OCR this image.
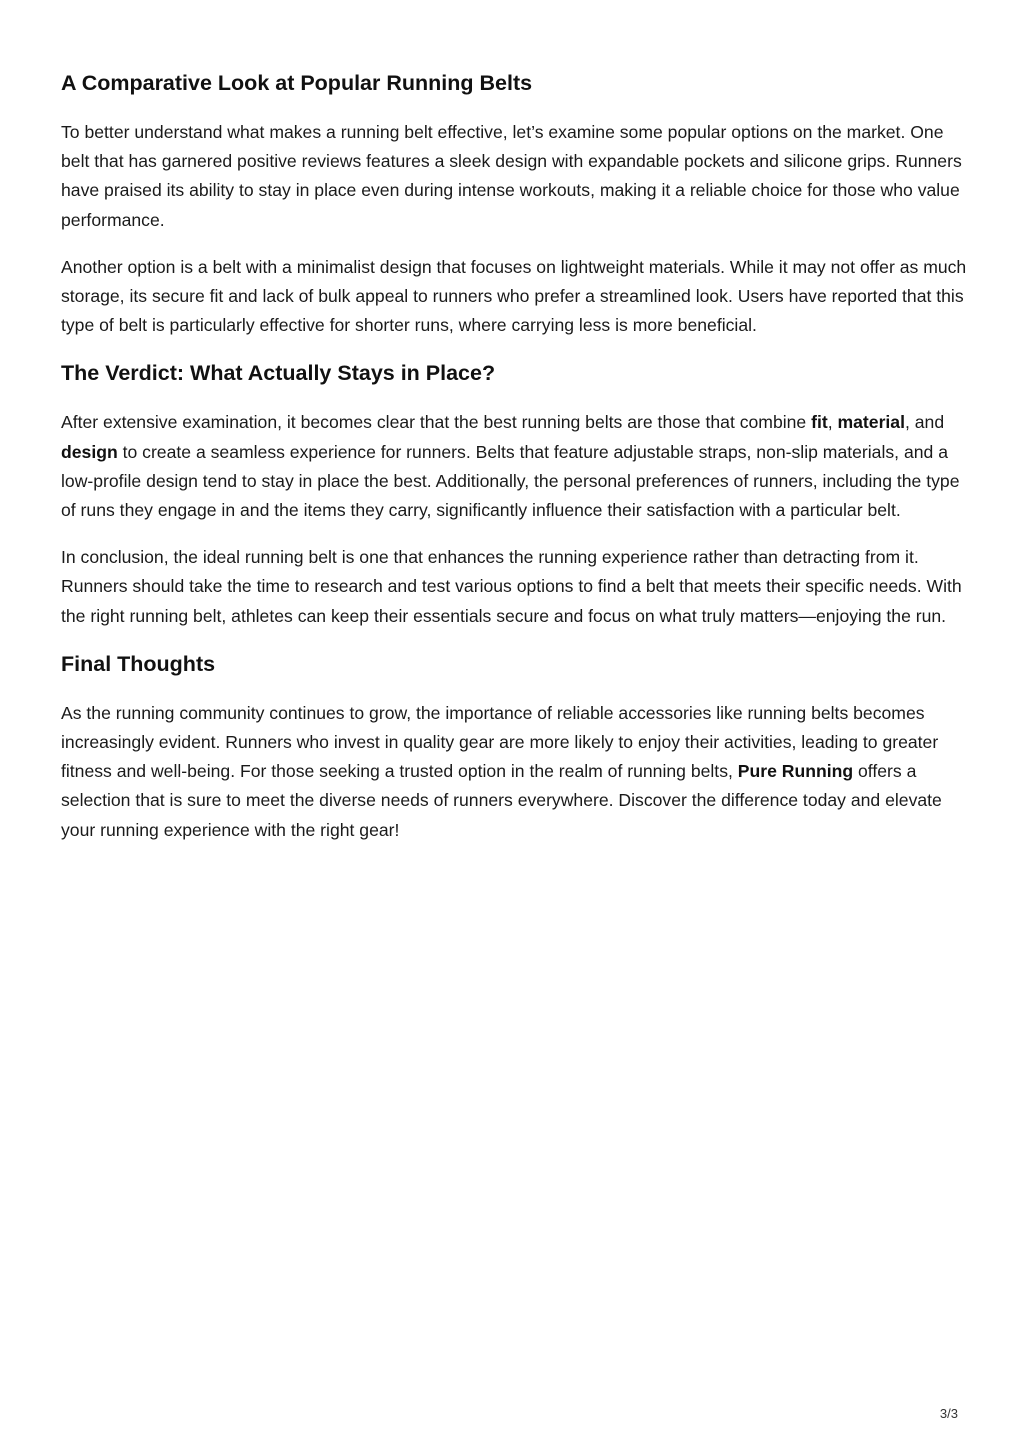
A Comparative Look at Popular Running Belts

To better understand what makes a running belt effective, let’s examine some popular options on the market. One belt that has garnered positive reviews features a sleek design with expandable pockets and silicone grips. Runners have praised its ability to stay in place even during intense workouts, making it a reliable choice for those who value performance.

Another option is a belt with a minimalist design that focuses on lightweight materials. While it may not offer as much storage, its secure fit and lack of bulk appeal to runners who prefer a streamlined look. Users have reported that this type of belt is particularly effective for shorter runs, where carrying less is more beneficial.

The Verdict: What Actually Stays in Place?

After extensive examination, it becomes clear that the best running belts are those that combine fit, material, and design to create a seamless experience for runners. Belts that feature adjustable straps, non-slip materials, and a low-profile design tend to stay in place the best. Additionally, the personal preferences of runners, including the type of runs they engage in and the items they carry, significantly influence their satisfaction with a particular belt.

In conclusion, the ideal running belt is one that enhances the running experience rather than detracting from it. Runners should take the time to research and test various options to find a belt that meets their specific needs. With the right running belt, athletes can keep their essentials secure and focus on what truly matters—enjoying the run.

Final Thoughts

As the running community continues to grow, the importance of reliable accessories like running belts becomes increasingly evident. Runners who invest in quality gear are more likely to enjoy their activities, leading to greater fitness and well-being. For those seeking a trusted option in the realm of running belts, Pure Running offers a selection that is sure to meet the diverse needs of runners everywhere. Discover the difference today and elevate your running experience with the right gear!

3/3
